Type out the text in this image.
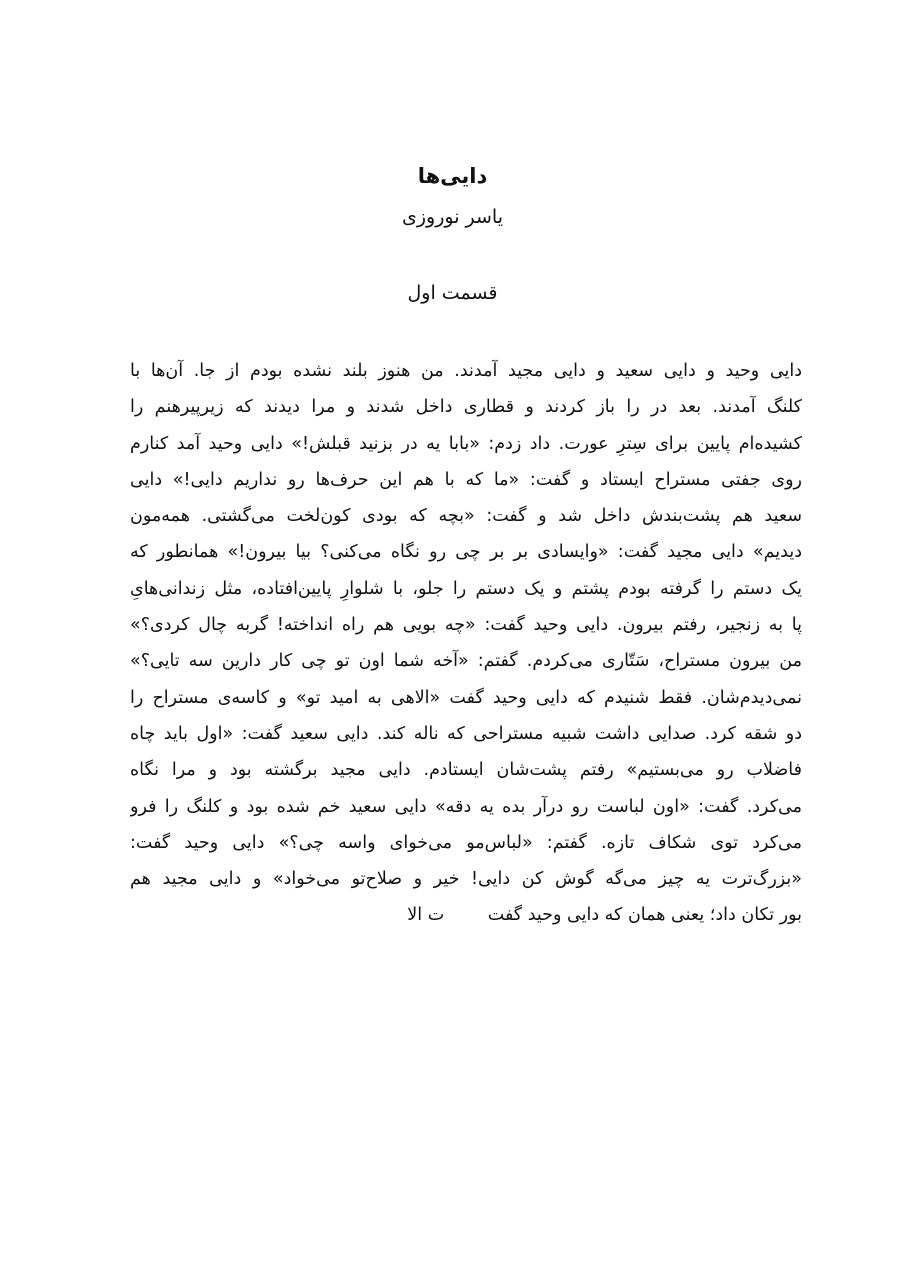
دایی‌ها
یاسر نوروزی
قسمت اول
دایی وحید و دایی سعید و دایی مجید آمدند. من هنوز بلند نشده بودم از جا. آن‌ها با
کلنگ آمدند. بعد در را باز کردند و قطاری داخل شدند و مرا دیدند که زیرپیرهنم را
کشیده‌ام پایین برای سِترِ عورت. داد زدم: «بابا یه در بزنید قبلش!» دایی وحید آمد کنارم
روی جفتی مستراح ایستاد و گفت: «ما که با هم این حرف‌ها رو نداریم دایی!» دایی
سعید هم پشت‌بندش داخل شد و گفت: «بچه که بودی کون‌لخت می‌گشتی. همه‌مون
دیدیم» دایی مجید گفت: «وایسادی بر بر چی رو نگاه می‌کنی؟ بیا بیرون!» همانطور که
یک دستم را گرفته بودم پشتم و یک دستم را جلو، با شلوارِ پایین‌افتاده، مثل زندانی‌هایِ
پا به زنجیر، رفتم بیرون. دایی وحید گفت: «چه بویی هم راه انداخته! گربه چال کردی؟»
من بیرون مستراح، سَتّاری می‌کردم. گفتم: «آخه شما اون تو چی کار دارین سه تایی؟»
نمی‌دیدم‌شان. فقط شنیدم که دایی وحید گفت «الاهی به امید تو» و کاسه‌ی مستراح را
دو شقه کرد. صدایی داشت شبیه مستراحی که ناله کند. دایی سعید گفت: «اول باید چاه
فاضلاب رو می‌بستیم» رفتم پشت‌شان ایستادم. دایی مجید برگشته بود و مرا نگاه
می‌کرد. گفت: «اون لباست رو درآر بده یه دقه» دایی سعید خم شده بود و کلنگ را فرو
می‌کرد توی شکاف تازه. گفتم: «لباس‌مو می‌خوای واسه چی؟» دایی وحید گفت:
«بزرگ‌ترت یه چیز می‌گه گوش کن دایی! خیر و صلاح‌تو می‌خواد» و دایی مجید هم
بور تکان داد؛ یعنی همان که دایی وحید گفت ت الا
